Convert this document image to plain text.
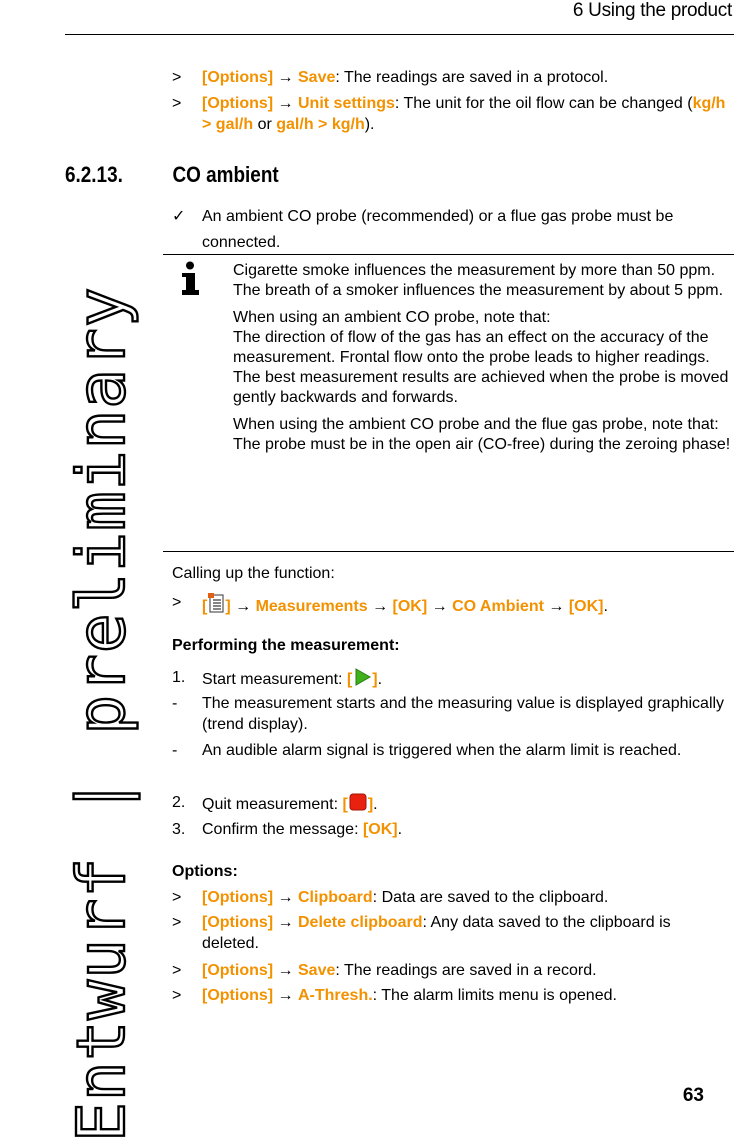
6 Using the product
Entwurf | preliminary
> [Options] → Save: The readings are saved in a protocol.
> [Options] → Unit settings: The unit for the oil flow can be changed (kg/h > gal/h or gal/h > kg/h).
6.2.13. CO ambient
✓ An ambient CO probe (recommended) or a flue gas probe must be connected.

Cigarette smoke influences the measurement by more than 50 ppm. The breath of a smoker influences the measurement by about 5 ppm.

When using an ambient CO probe, note that:
The direction of flow of the gas has an effect on the accuracy of the measurement. Frontal flow onto the probe leads to higher readings. The best measurement results are achieved when the probe is moved gently backwards and forwards.

When using the ambient CO probe and the flue gas probe, note that:
The probe must be in the open air (CO-free) during the zeroing phase!

Calling up the function:
> [ ] → Measurements → [OK] → CO Ambient → [OK].
Performing the measurement:
1. Start measurement: [ ].
- The measurement starts and the measuring value is displayed graphically (trend display).
- An audible alarm signal is triggered when the alarm limit is reached.
2. Quit measurement: [ ].
3. Confirm the message: [OK].
Options:
> [Options] → Clipboard: Data are saved to the clipboard.
> [Options] → Delete clipboard: Any data saved to the clipboard is deleted.
> [Options] → Save: The readings are saved in a record.
> [Options] → A-Thresh.: The alarm limits menu is opened.
63
